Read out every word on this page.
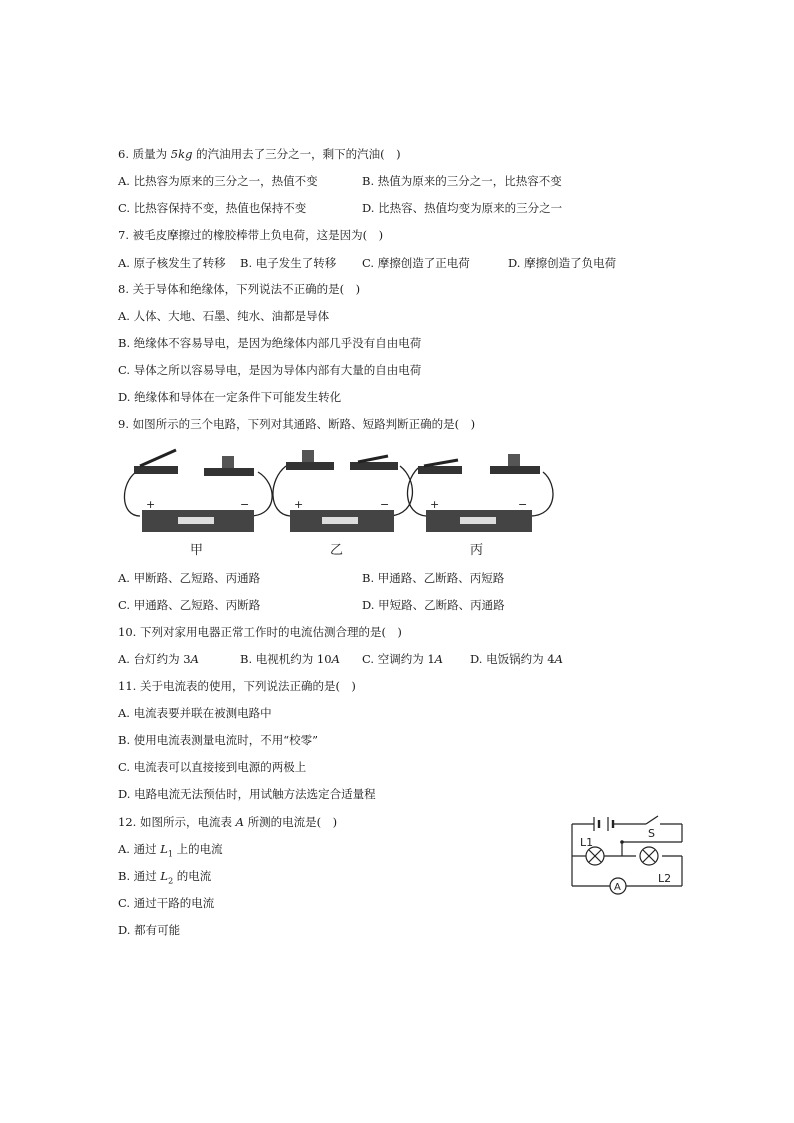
6. 质量为 5kg 的汽油用去了三分之一，剩下的汽油(　)
A. 比热容为原来的三分之一，热值不变	B. 热值为原来的三分之一，比热容不变
C. 比热容保持不变，热值也保持不变	D. 比热容、热值均变为原来的三分之一
7. 被毛皮摩擦过的橡胶棒带上负电荷，这是因为(　)
A. 原子核发生了转移 B. 电子发生了转移 C. 摩擦创造了正电荷	D. 摩擦创造了负电荷
8. 关于导体和绝缘体，下列说法不正确的是(　)
A. 人体、大地、石墨、纯水、油都是导体
B. 绝缘体不容易导电，是因为绝缘体内部几乎没有自由电荷
C. 导体之所以容易导电，是因为导体内部有大量的自由电荷
D. 绝缘体和导体在一定条件下可能发生转化
9. 如图所示的三个电路，下列对其通路、断路、短路判断正确的是(　)
+	−	+	−	+	−
甲	乙	丙
A. 甲断路、乙短路、丙通路	B. 甲通路、乙断路、丙短路
C. 甲通路、乙短路、丙断路	D. 甲短路、乙断路、丙通路
10. 下列对家用电器正常工作时的电流估测合理的是(　)
A. 台灯约为 3A	B. 电视机约为 10A C. 空调约为 1A D. 电饭锅约为 4A
11. 关于电流表的使用，下列说法正确的是(　)
A. 电流表要并联在被测电路中
B. 使用电流表测量电流时，不用“校零”
C. 电流表可以直接接到电源的两极上
D. 电路电流无法预估时，用试触方法选定合适量程
12. 如图所示，电流表 A 所测的电流是(　)
A. 通过 $L_1$ 上的电流
B. 通过 $L_2$ 的电流
C. 通过干路的电流
D. 都有可能
L1
L2
S
A
